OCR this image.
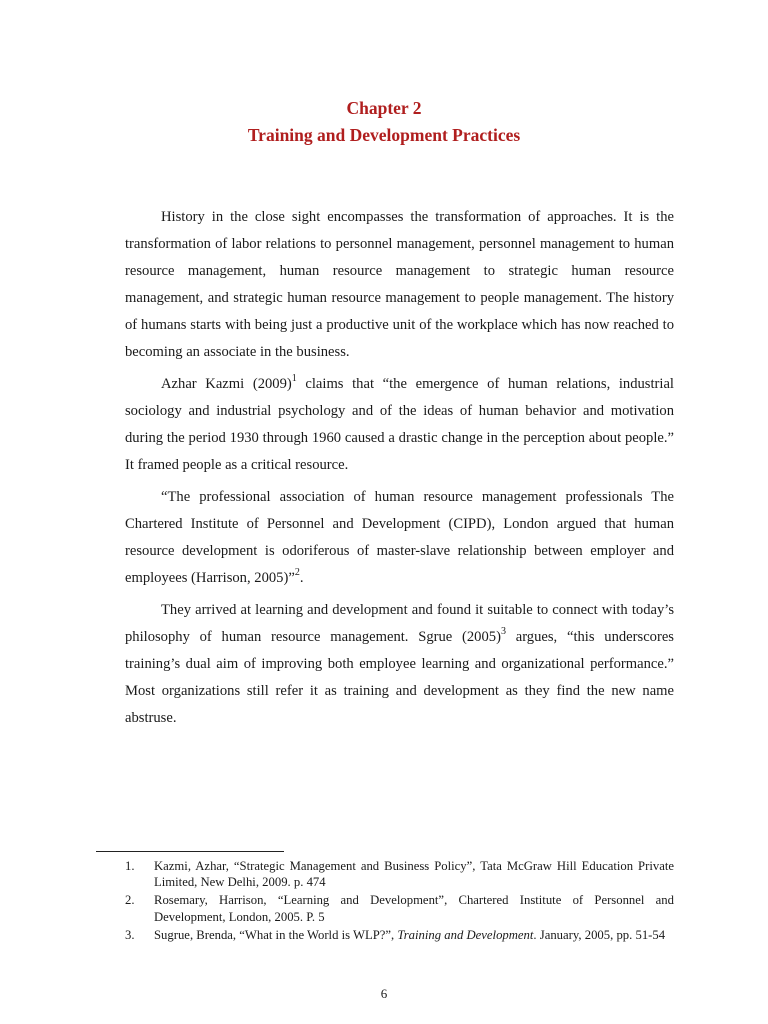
Chapter 2
Training and Development Practices

History in the close sight encompasses the transformation of approaches. It is the transformation of labor relations to personnel management, personnel management to human resource management, human resource management to strategic human resource management, and strategic human resource management to people management. The history of humans starts with being just a productive unit of the workplace which has now reached to becoming an associate in the business.

Azhar Kazmi $(2009)^1$ claims that “the emergence of human relations, industrial sociology and industrial psychology and of the ideas of human behavior and motivation during the period 1930 through 1960 caused a drastic change in the perception about people.” It framed people as a critical resource.

“The professional association of human resource management professionals The Chartered Institute of Personnel and Development (CIPD), London argued that human resource development is odoriferous of master-slave relationship between employer and employees (Harrison, 2005)”$^2$.

They arrived at learning and development and found it suitable to connect with today’s philosophy of human resource management. Sgrue $(2005)^3$ argues, “this underscores training’s dual aim of improving both employee learning and organizational performance.” Most organizations still refer it as training and development as they find the new name abstruse.

1. Kazmi, Azhar, “Strategic Management and Business Policy”, Tata McGraw Hill Education Private Limited, New Delhi, 2009. p. 474
2. Rosemary, Harrison, “Learning and Development”, Chartered Institute of Personnel and Development, London, 2005. P. 5
3. Sugrue, Brenda, “What in the World is WLP?”, Training and Development. January, 2005, pp. 51-54
6
